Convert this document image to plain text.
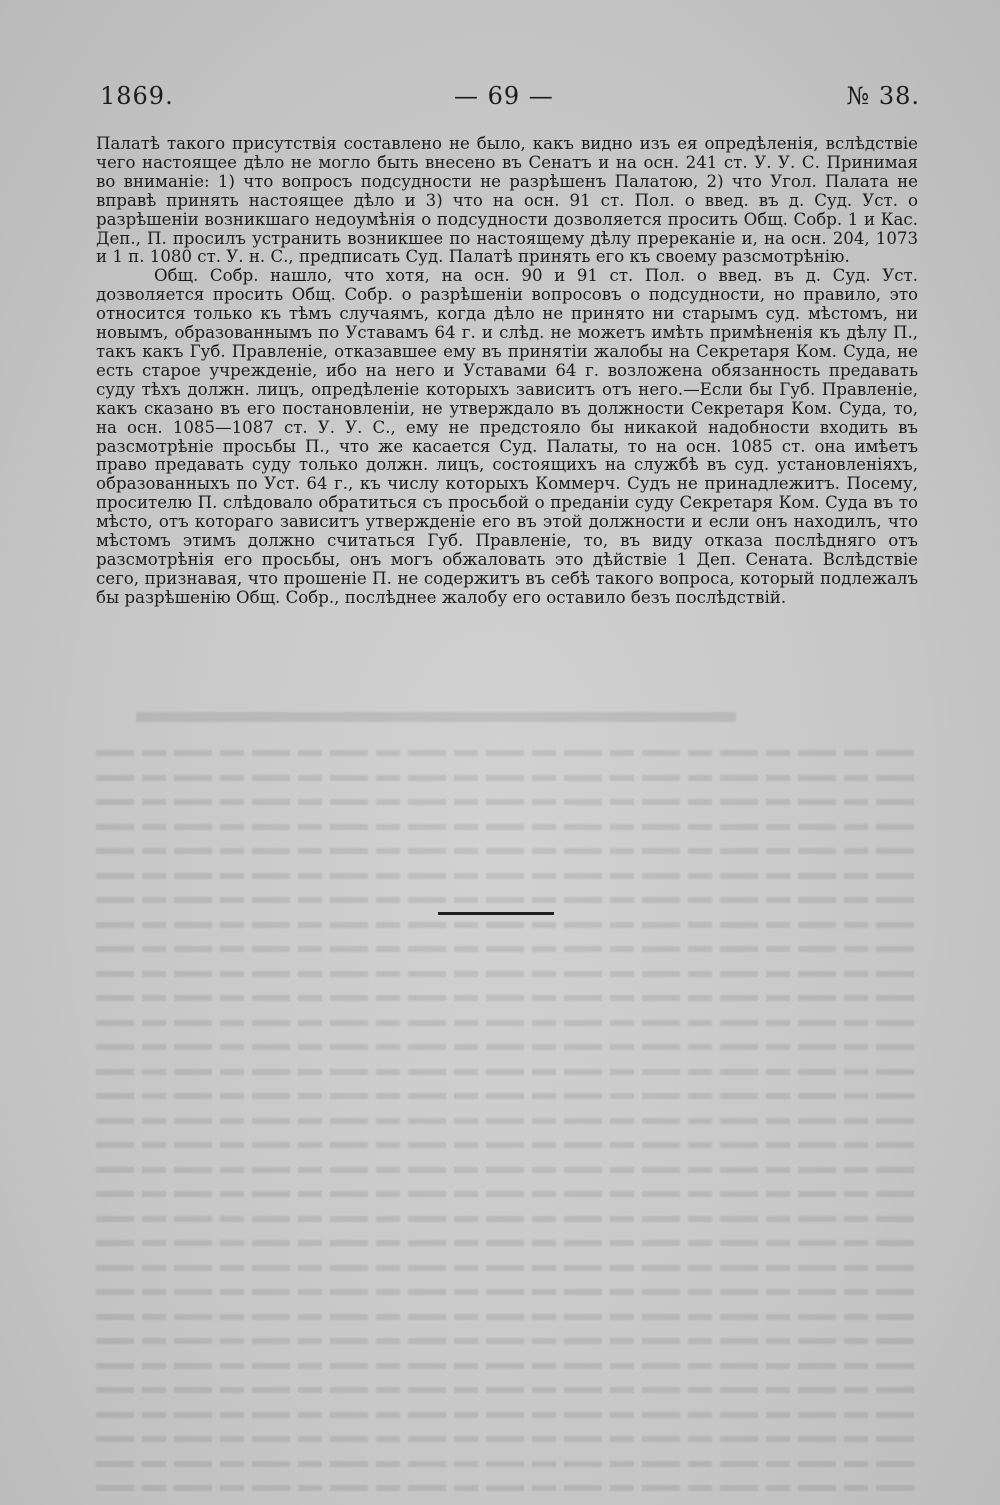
1869.	— 69 —	№ 38.

Палатѣ такого присутствія составлено не было, какъ видно изъ ея опредѣленія, вслѣдствіе чего настоящее дѣло не могло быть внесено въ Сенатъ и на осн. 241 ст. У. У. С. Принимая во вниманіе: 1) что вопросъ подсудности не разрѣшенъ Палатою, 2) что Угол. Палата не вправѣ принять настоящее дѣло и 3) что на осн. 91 ст. Пол. о введ. въ д. Суд. Уст. о разрѣшеніи возникшаго недоумѣнія о подсудности дозволяется просить Общ. Собр. 1 и Кас. Деп., П. просилъ устранить возникшее по настоящему дѣлу пререканіе и, на осн. 204, 1073 и 1 п. 1080 ст. У. н. С., предписать Суд. Палатѣ принять его къ своему разсмотрѣнію.

Общ. Собр. нашло, что хотя, на осн. 90 и 91 ст. Пол. о введ. въ д. Суд. Уст. дозволяется просить Общ. Собр. о разрѣшеніи вопросовъ о подсудности, но правило, это относится только къ тѣмъ случаямъ, когда дѣло не принято ни старымъ суд. мѣстомъ, ни новымъ, образованнымъ по Уставамъ 64 г. и слѣд. не можетъ имѣть примѣненія къ дѣлу П., такъ какъ Губ. Правленіе, отказавшее ему въ принятіи жалобы на Секретаря Ком. Суда, не есть старое учрежденіе, ибо на него и Уставами 64 г. возложена обязанность предавать суду тѣхъ должн. лицъ, опредѣленіе которыхъ зависитъ отъ него.—Если бы Губ. Правленіе, какъ сказано въ его постановленіи, не утверждало въ должности Секретаря Ком. Суда, то, на осн. 1085—1087 ст. У. У. С., ему не предстояло бы никакой надобности входить въ разсмотрѣніе просьбы П., что же касается Суд. Палаты, то на осн. 1085 ст. она имѣетъ право предавать суду только должн. лицъ, состоящихъ на службѣ въ суд. установленіяхъ, образованныхъ по Уст. 64 г., къ числу которыхъ Коммерч. Судъ не принадлежитъ. Посему, просителю П. слѣдовало обратиться съ просьбой о преданіи суду Секретаря Ком. Суда въ то мѣсто, отъ котораго зависитъ утвержденіе его въ этой должности и если онъ находилъ, что мѣстомъ этимъ должно считаться Губ. Правленіе, то, въ виду отказа послѣдняго отъ разсмотрѣнія его просьбы, онъ могъ обжаловать это дѣйствіе 1 Деп. Сената. Вслѣдствіе сего, признавая, что прошеніе П. не содержитъ въ себѣ такого вопроса, который подлежалъ бы разрѣшенію Общ. Собр., послѣднее жалобу его оставило безъ послѣдствій.
